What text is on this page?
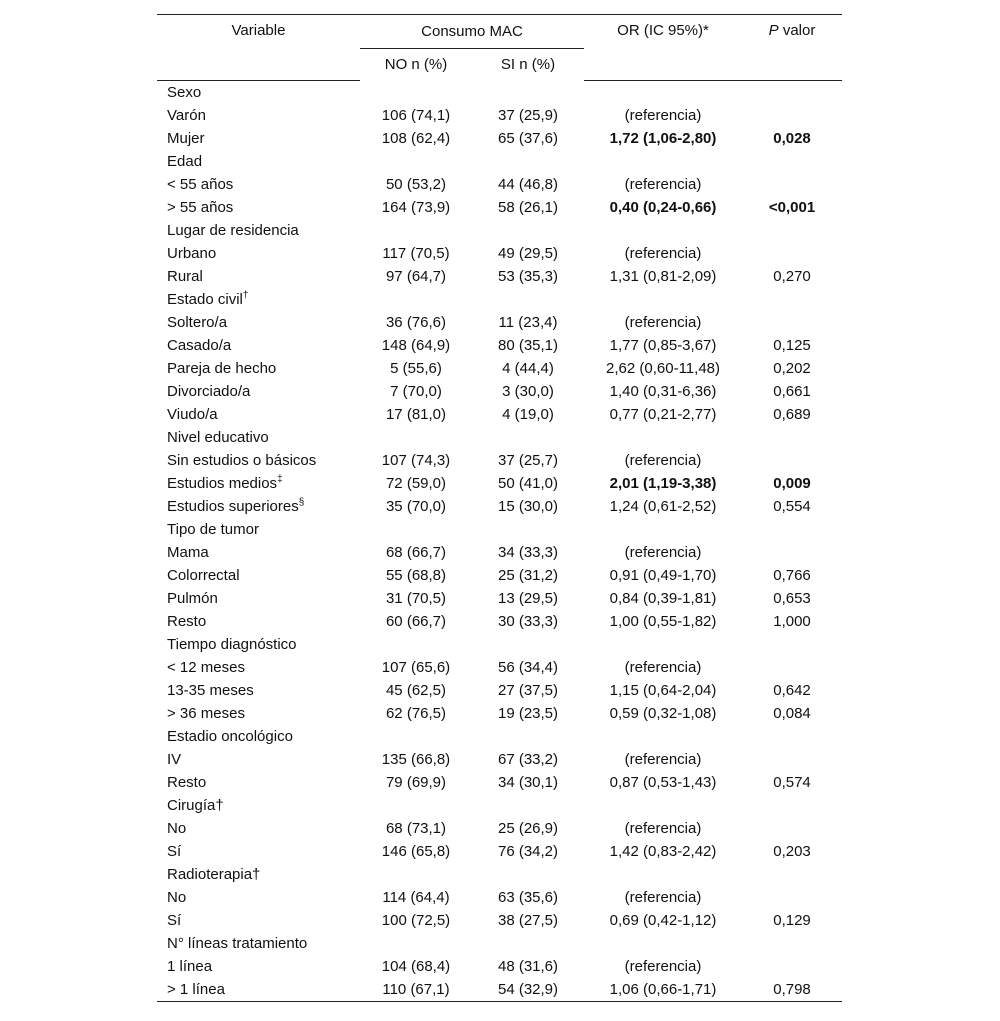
Variable	Consumo MAC		OR (IC 95%)*	P valor
	NO n (%)	SI n (%)		

Sexo				
Varón	106 (74,1)	37 (25,9)	(referencia)	
Mujer	108 (62,4)	65 (37,6)	1,72 (1,06-2,80)	0,028
Edad				
< 55 años	50 (53,2)	44 (46,8)	(referencia)	
> 55 años	164 (73,9)	58 (26,1)	0,40 (0,24-0,66)	<0,001
Lugar de residencia				
Urbano	117 (70,5)	49 (29,5)	(referencia)	
Rural	97 (64,7)	53 (35,3)	1,31 (0,81-2,09)	0,270
Estado civil†				
Soltero/a	36 (76,6)	11 (23,4)	(referencia)	
Casado/a	148 (64,9)	80 (35,1)	1,77 (0,85-3,67)	0,125
Pareja de hecho	5 (55,6)	4 (44,4)	2,62 (0,60-11,48)	0,202
Divorciado/a	7 (70,0)	3 (30,0)	1,40 (0,31-6,36)	0,661
Viudo/a	17 (81,0)	4 (19,0)	0,77 (0,21-2,77)	0,689
Nivel educativo				
Sin estudios o básicos	107 (74,3)	37 (25,7)	(referencia)	
Estudios medios‡	72 (59,0)	50 (41,0)	2,01 (1,19-3,38)	0,009
Estudios superiores§	35 (70,0)	15 (30,0)	1,24 (0,61-2,52)	0,554
Tipo de tumor				
Mama	68 (66,7)	34 (33,3)	(referencia)	
Colorrectal	55 (68,8)	25 (31,2)	0,91 (0,49-1,70)	0,766
Pulmón	31 (70,5)	13 (29,5)	0,84 (0,39-1,81)	0,653
Resto	60 (66,7)	30 (33,3)	1,00 (0,55-1,82)	1,000
Tiempo diagnóstico				
< 12 meses	107 (65,6)	56 (34,4)	(referencia)	
13-35 meses	45 (62,5)	27 (37,5)	1,15 (0,64-2,04)	0,642
> 36 meses	62 (76,5)	19 (23,5)	0,59 (0,32-1,08)	0,084
Estadio oncológico				
IV	135 (66,8)	67 (33,2)	(referencia)	
Resto	79 (69,9)	34 (30,1)	0,87 (0,53-1,43)	0,574
Cirugía†				
No	68 (73,1)	25 (26,9)	(referencia)	
Sí	146 (65,8)	76 (34,2)	1,42 (0,83-2,42)	0,203
Radioterapia†				
No	114 (64,4)	63 (35,6)	(referencia)	
Sí	100 (72,5)	38 (27,5)	0,69 (0,42-1,12)	0,129
N° líneas tratamiento				
1 línea	104 (68,4)	48 (31,6)	(referencia)	
> 1 línea	110 (67,1)	54 (32,9)	1,06 (0,66-1,71)	0,798
